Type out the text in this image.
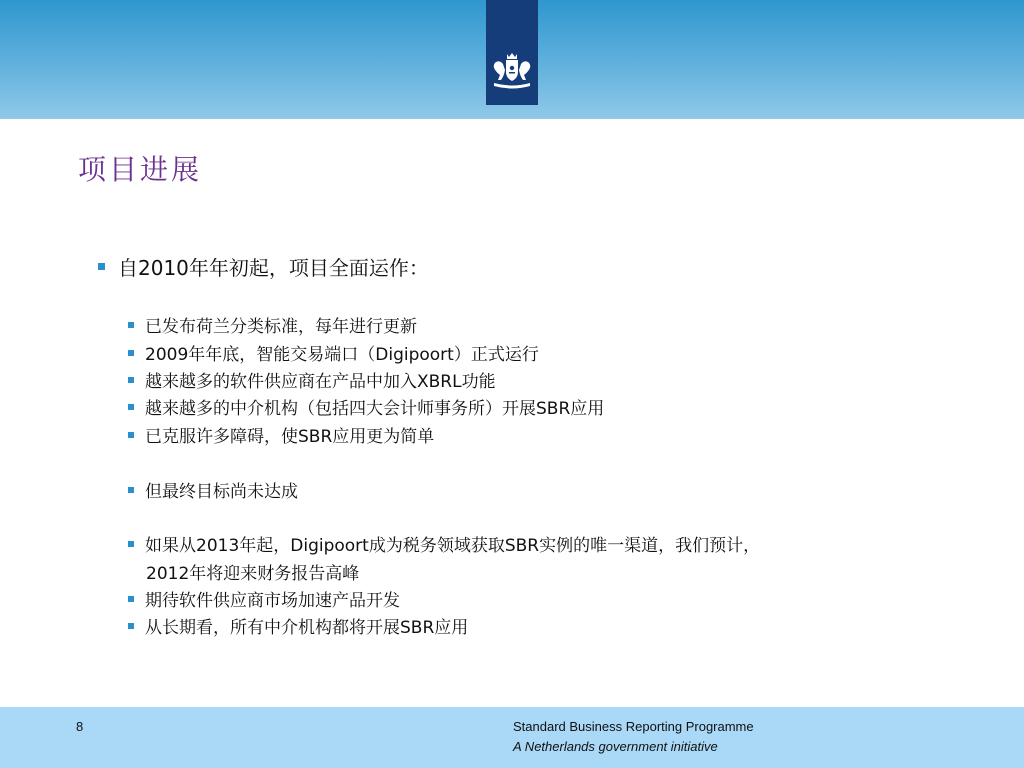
项目进展
自2010年年初起，项目全面运作：
已发布荷兰分类标准，每年进行更新
2009年年底，智能交易端口（Digipoort）正式运行
越来越多的软件供应商在产品中加入XBRL功能
越来越多的中介机构（包括四大会计师事务所）开展SBR应用
已克服许多障碍，使SBR应用更为简单
但最终目标尚未达成
如果从2013年起，Digipoort成为税务领域获取SBR实例的唯一渠道，我们预计，
2012年将迎来财务报告高峰
期待软件供应商市场加速产品开发
从长期看，所有中介机构都将开展SBR应用
8	Standard Business Reporting Programme
A Netherlands government initiative
